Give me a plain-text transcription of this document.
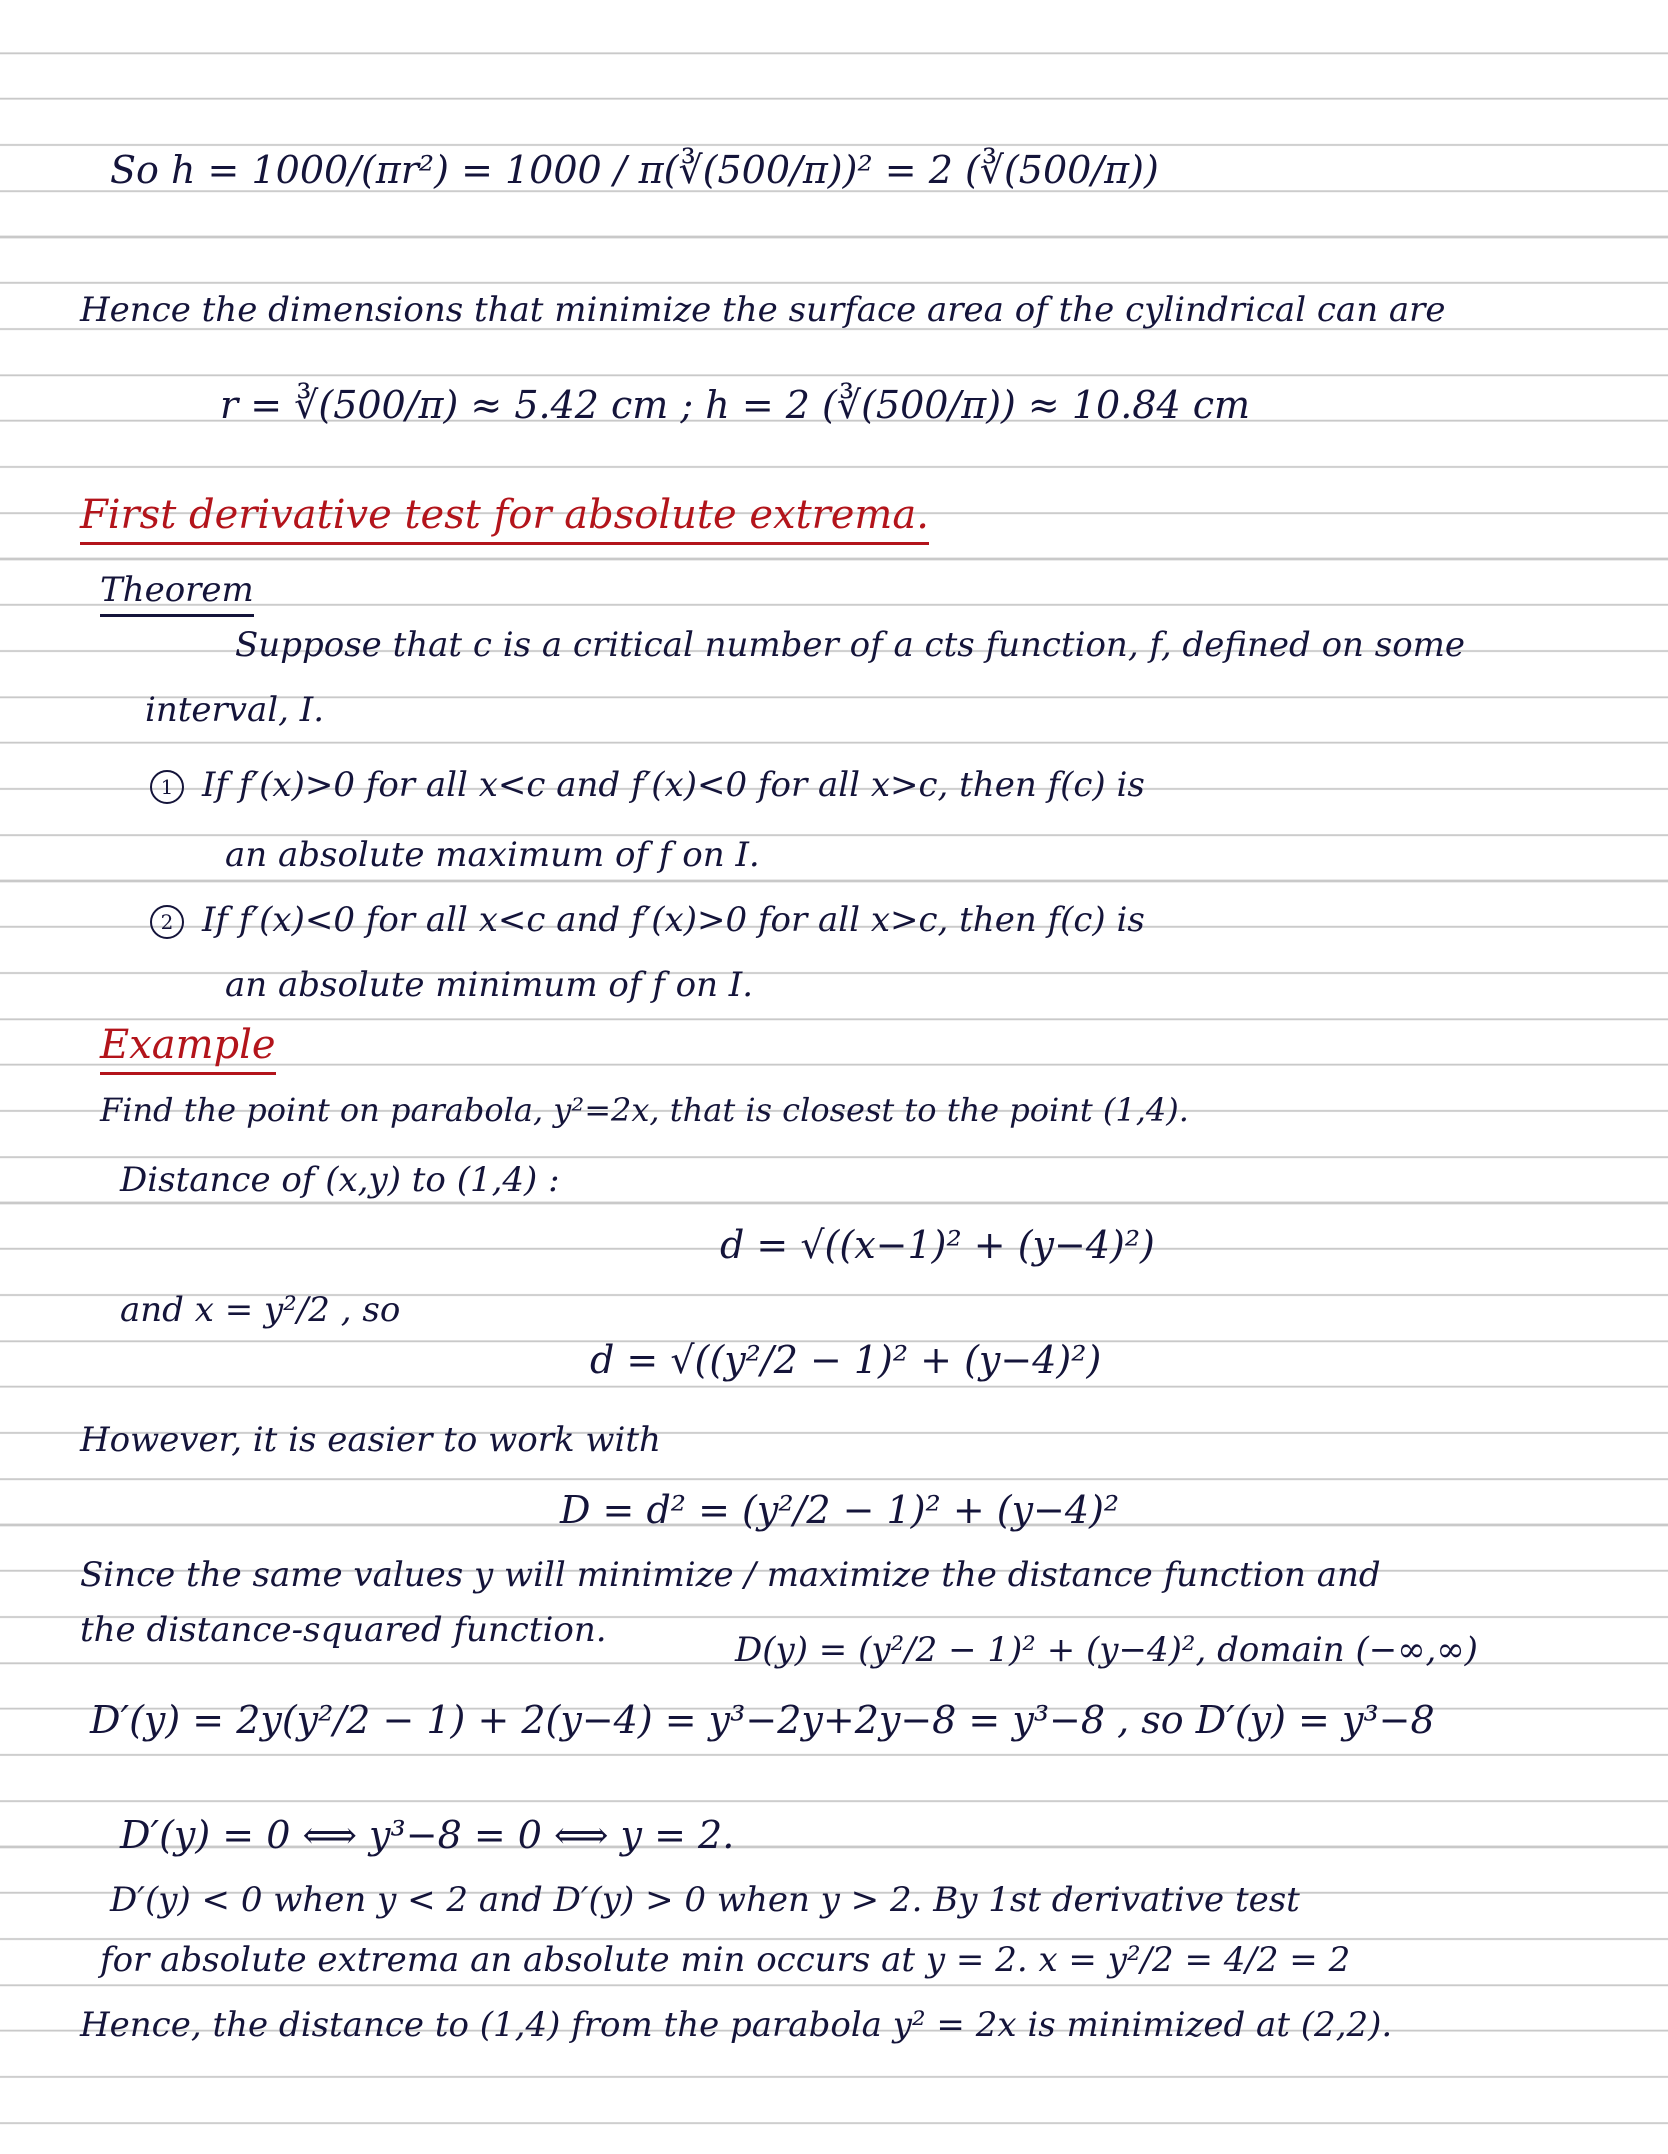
So h = 1000/(πr²) = 1000 / π(∛(500/π))² = 2 (∛(500/π))
Hence the dimensions that minimize the surface area of the cylindrical can are
r = ∛(500/π) ≈ 5.42 cm ; h = 2 (∛(500/π)) ≈ 10.84 cm
First derivative test for absolute extrema.
Theorem
Suppose that c is a critical number of a cts function, f, defined on some
interval, I.
1 If f′(x)>0 for all x<c and f′(x)<0 for all x>c, then f(c) is
an absolute maximum of f on I.
2 If f′(x)<0 for all x<c and f′(x)>0 for all x>c, then f(c) is
an absolute minimum of f on I.
Example
Find the point on parabola, y²=2x, that is closest to the point (1,4).
Distance of (x,y) to (1,4) :
d = √((x−1)² + (y−4)²)
and x = y²/2 , so
d = √((y²/2 − 1)² + (y−4)²)
However, it is easier to work with
D = d² = (y²/2 − 1)² + (y−4)²
Since the same values y will minimize / maximize the distance function and
the distance-squared function.	D(y) = (y²/2 − 1)² + (y−4)², domain (−∞,∞)
D′(y) = 2y(y²/2 − 1) + 2(y−4) = y³−2y+2y−8 = y³−8 , so D′(y) = y³−8
D′(y) = 0 ⟺ y³−8 = 0 ⟺ y = 2.
D′(y) < 0 when y < 2 and D′(y) > 0 when y > 2. By 1st derivative test
for absolute extrema an absolute min occurs at y = 2. x = y²/2 = 4/2 = 2
Hence, the distance to (1,4) from the parabola y² = 2x is minimized at (2,2).
